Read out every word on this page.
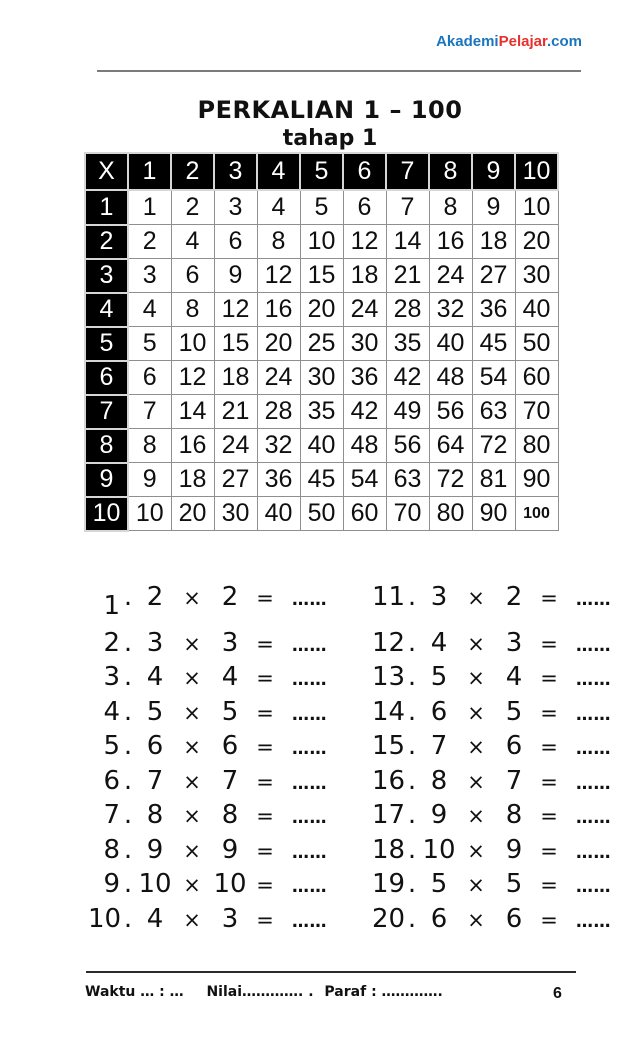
AkademiPelajar.com
PERKALIAN 1 – 100
tahap 1
X	1	2	3	4	5	6	7	8	9	10
1	1	2	3	4	5	6	7	8	9	10
2	2	4	6	8	10	12	14	16	18	20
3	3	6	9	12	15	18	21	24	27	30
4	4	8	12	16	20	24	28	32	36	40
5	5	10	15	20	25	30	35	40	45	50
6	6	12	18	24	30	36	42	48	54	60
7	7	14	21	28	35	42	49	56	63	70
8	8	16	24	32	40	48	56	64	72	80
9	9	18	27	36	45	54	63	72	81	90
10	10	20	30	40	50	60	70	80	90	100
1 . 2 × 2 =	……
2 . 3 × 3 =	……
3 . 4 × 4 =	……
4 . 5 × 5 =	……
5 . 6 × 6 =	……
6 . 7 × 7 =	……
7 . 8 × 8 =	……
8 . 9 × 9 =	……
9 . 10 × 10 =	……
10 . 4 × 3 =	……
11 . 3 × 2 =	……
12 . 4 × 3 =	……
13 . 5 × 4 =	……
14 . 6 × 5 =	……
15 . 7 × 6 =	……
16 . 8 × 7 =	……
17 . 9 × 8 =	……
18 . 10 × 9 =	……
19 . 5 × 5 =	……
20 . 6 × 6 =	……
Waktu … : … Nilai…………. . Paraf : ………….	6
